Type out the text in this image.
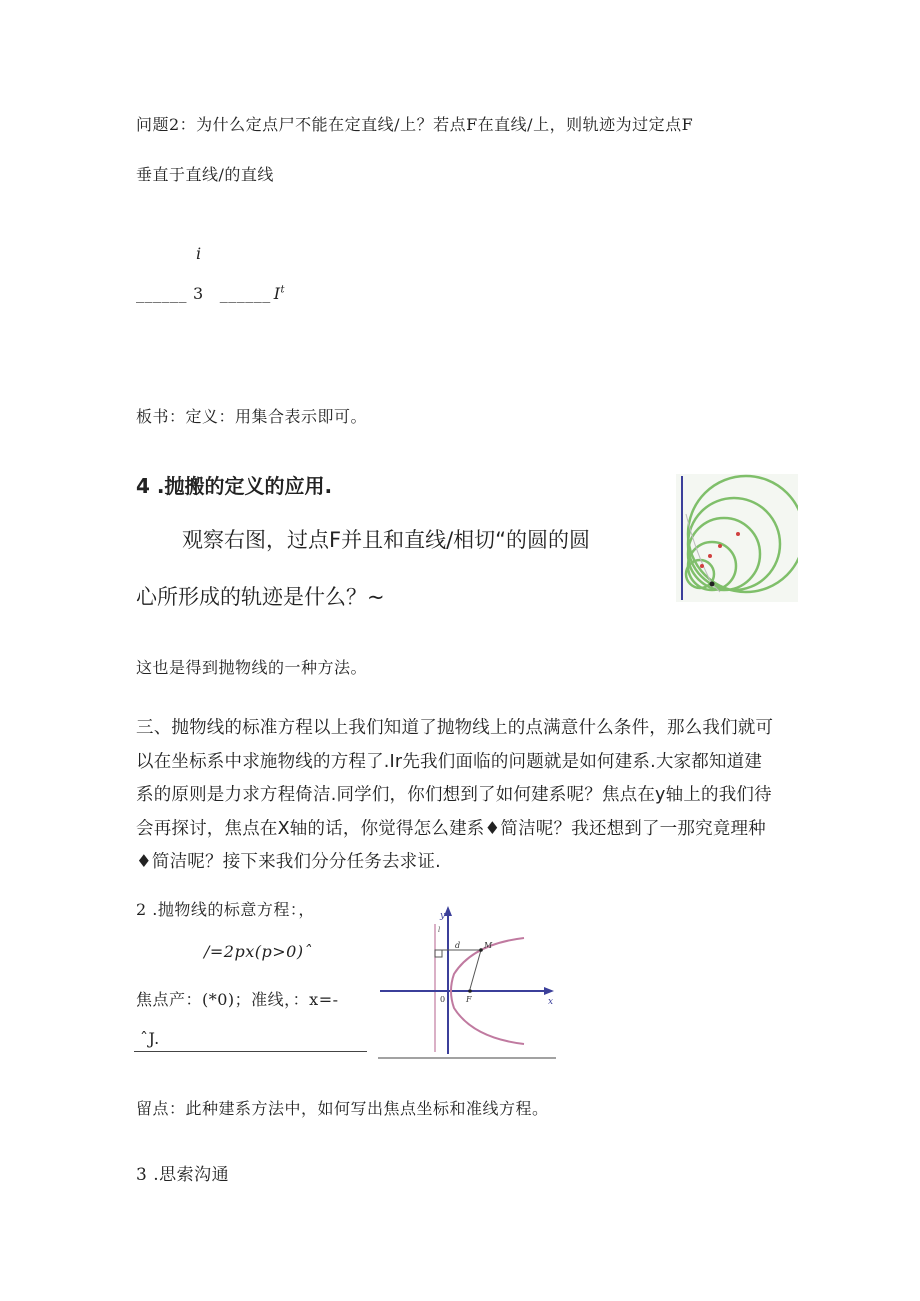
问题2：为什么定点尸不能在定直线/上？若点F在直线/上，则轨迹为过定点F
垂直于直线/的直线
i
______ 3 ______ $I^t$
板书：定义：用集合表示即可。
4 .抛搬的定义的应用.
观察右图，过点F并且和直线/相切“的圆的圆
心所形成的轨迹是什么？~
这也是得到抛物线的一种方法。
三、抛物线的标准方程以上我们知道了抛物线上的点满意什么条件，那么我们就可以在坐标系中求施物线的方程了.Ir先我们面临的问题就是如何建系.大家都知道建系的原则是力求方程倚洁.同学们，你们想到了如何建系呢？焦点在y轴上的我们待会再探讨，焦点在X轴的话，你觉得怎么建系♦简洁呢？我还想到了一那究竟理种♦简洁呢？接下来我们分分任务去求证.
2 .抛物线的标意方程：，
/=2px(p>0)ˆ
焦点产：(*0)；准线，：x=-
ˆJ.
y
x
0
d	M
F
l
留点：此种建系方法中，如何写出焦点坐标和准线方程。
3 .思索沟通
